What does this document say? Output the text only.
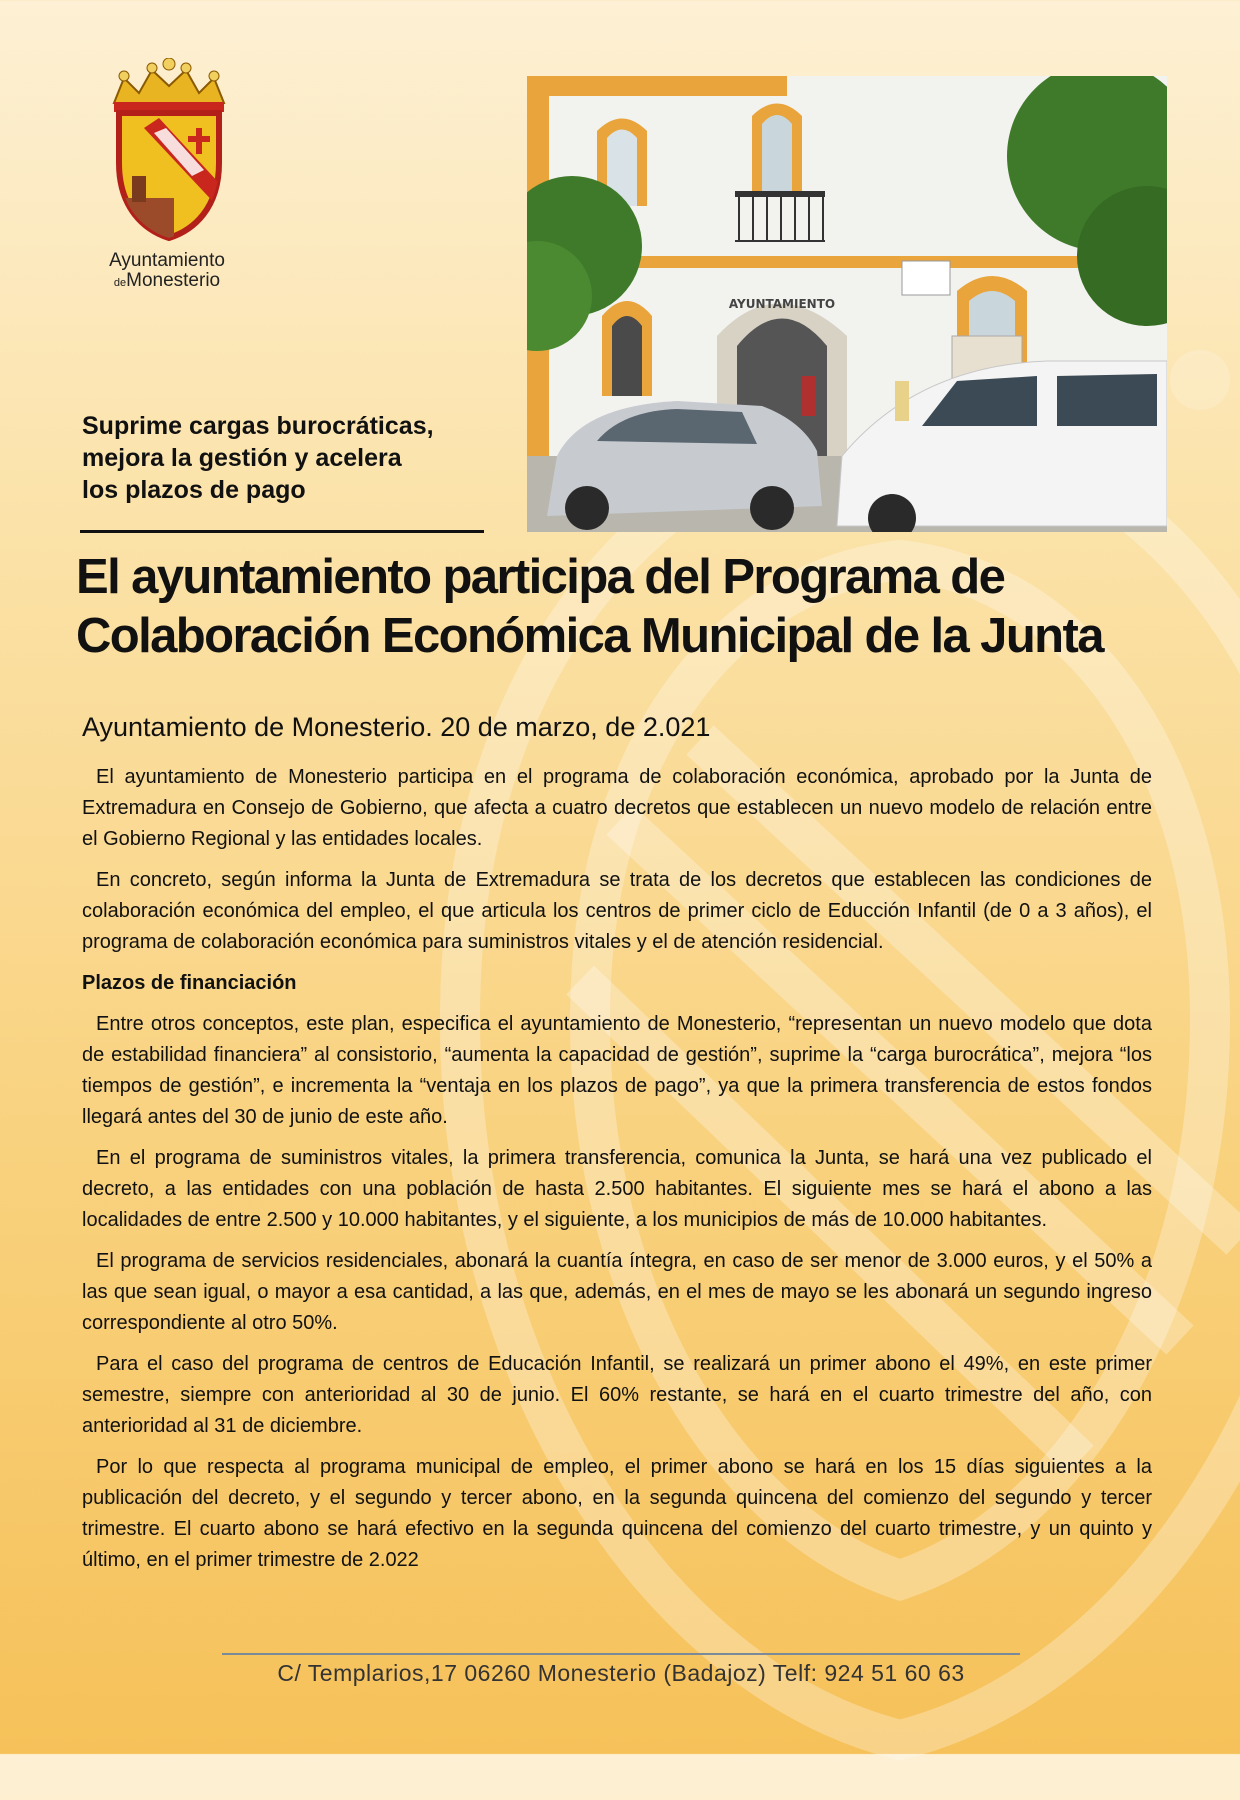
Ayuntamiento
deMonesterio
AYUNTAMIENTO
Suprime cargas burocráticas,
mejora la gestión y acelera
los plazos de pago
El ayuntamiento participa del Programa de
Colaboración Económica Municipal de la Junta
Ayuntamiento de Monesterio. 20 de marzo, de 2.021

El ayuntamiento de Monesterio participa en el programa de colaboración económica, aprobado por la Junta de Extremadura en Consejo de Gobierno, que afecta a cuatro decretos que establecen un nuevo modelo de relación entre el Gobierno Regional y las entidades locales.

En concreto, según informa la Junta de Extremadura se trata de los decretos que establecen las condiciones de colaboración económica del empleo, el que articula los centros de primer ciclo de Educción Infantil (de 0 a 3 años), el programa de colaboración económica para suministros vitales y el de atención residencial.

Plazos de financiación

Entre otros conceptos, este plan, especifica el ayuntamiento de Monesterio, “representan un nuevo modelo que dota de estabilidad financiera” al consistorio, “aumenta la capacidad de gestión”, suprime la “carga burocrática”, mejora “los tiempos de gestión”, e incrementa la “ventaja en los plazos de pago”, ya que la primera transferencia de estos fondos llegará antes del 30 de junio de este año.

En el programa de suministros vitales, la primera transferencia, comunica la Junta, se hará una vez publicado el decreto, a las entidades con una población de hasta 2.500 habitantes. El siguiente mes se hará el abono a las localidades de entre 2.500 y 10.000 habitantes, y el siguiente, a los municipios de más de 10.000 habitantes.

El programa de servicios residenciales, abonará la cuantía íntegra, en caso de ser menor de 3.000 euros, y el 50% a las que sean igual, o mayor a esa cantidad, a las que, además, en el mes de mayo se les abonará un segundo ingreso correspondiente al otro 50%.

Para el caso del programa de centros de Educación Infantil, se realizará un primer abono el 49%, en este primer semestre, siempre con anterioridad al 30 de junio. El 60% restante, se hará en el cuarto trimestre del año, con anterioridad al 31 de diciembre.

Por lo que respecta al programa municipal de empleo, el primer abono se hará en los 15 días siguientes a la publicación del decreto, y el segundo y tercer abono, en la segunda quincena del comienzo del segundo y tercer trimestre. El cuarto abono se hará efectivo en la segunda quincena del comienzo del cuarto trimestre, y un quinto y último, en el primer trimestre de 2.022

C/ Templarios,17 06260 Monesterio (Badajoz) Telf: 924 51 60 63
